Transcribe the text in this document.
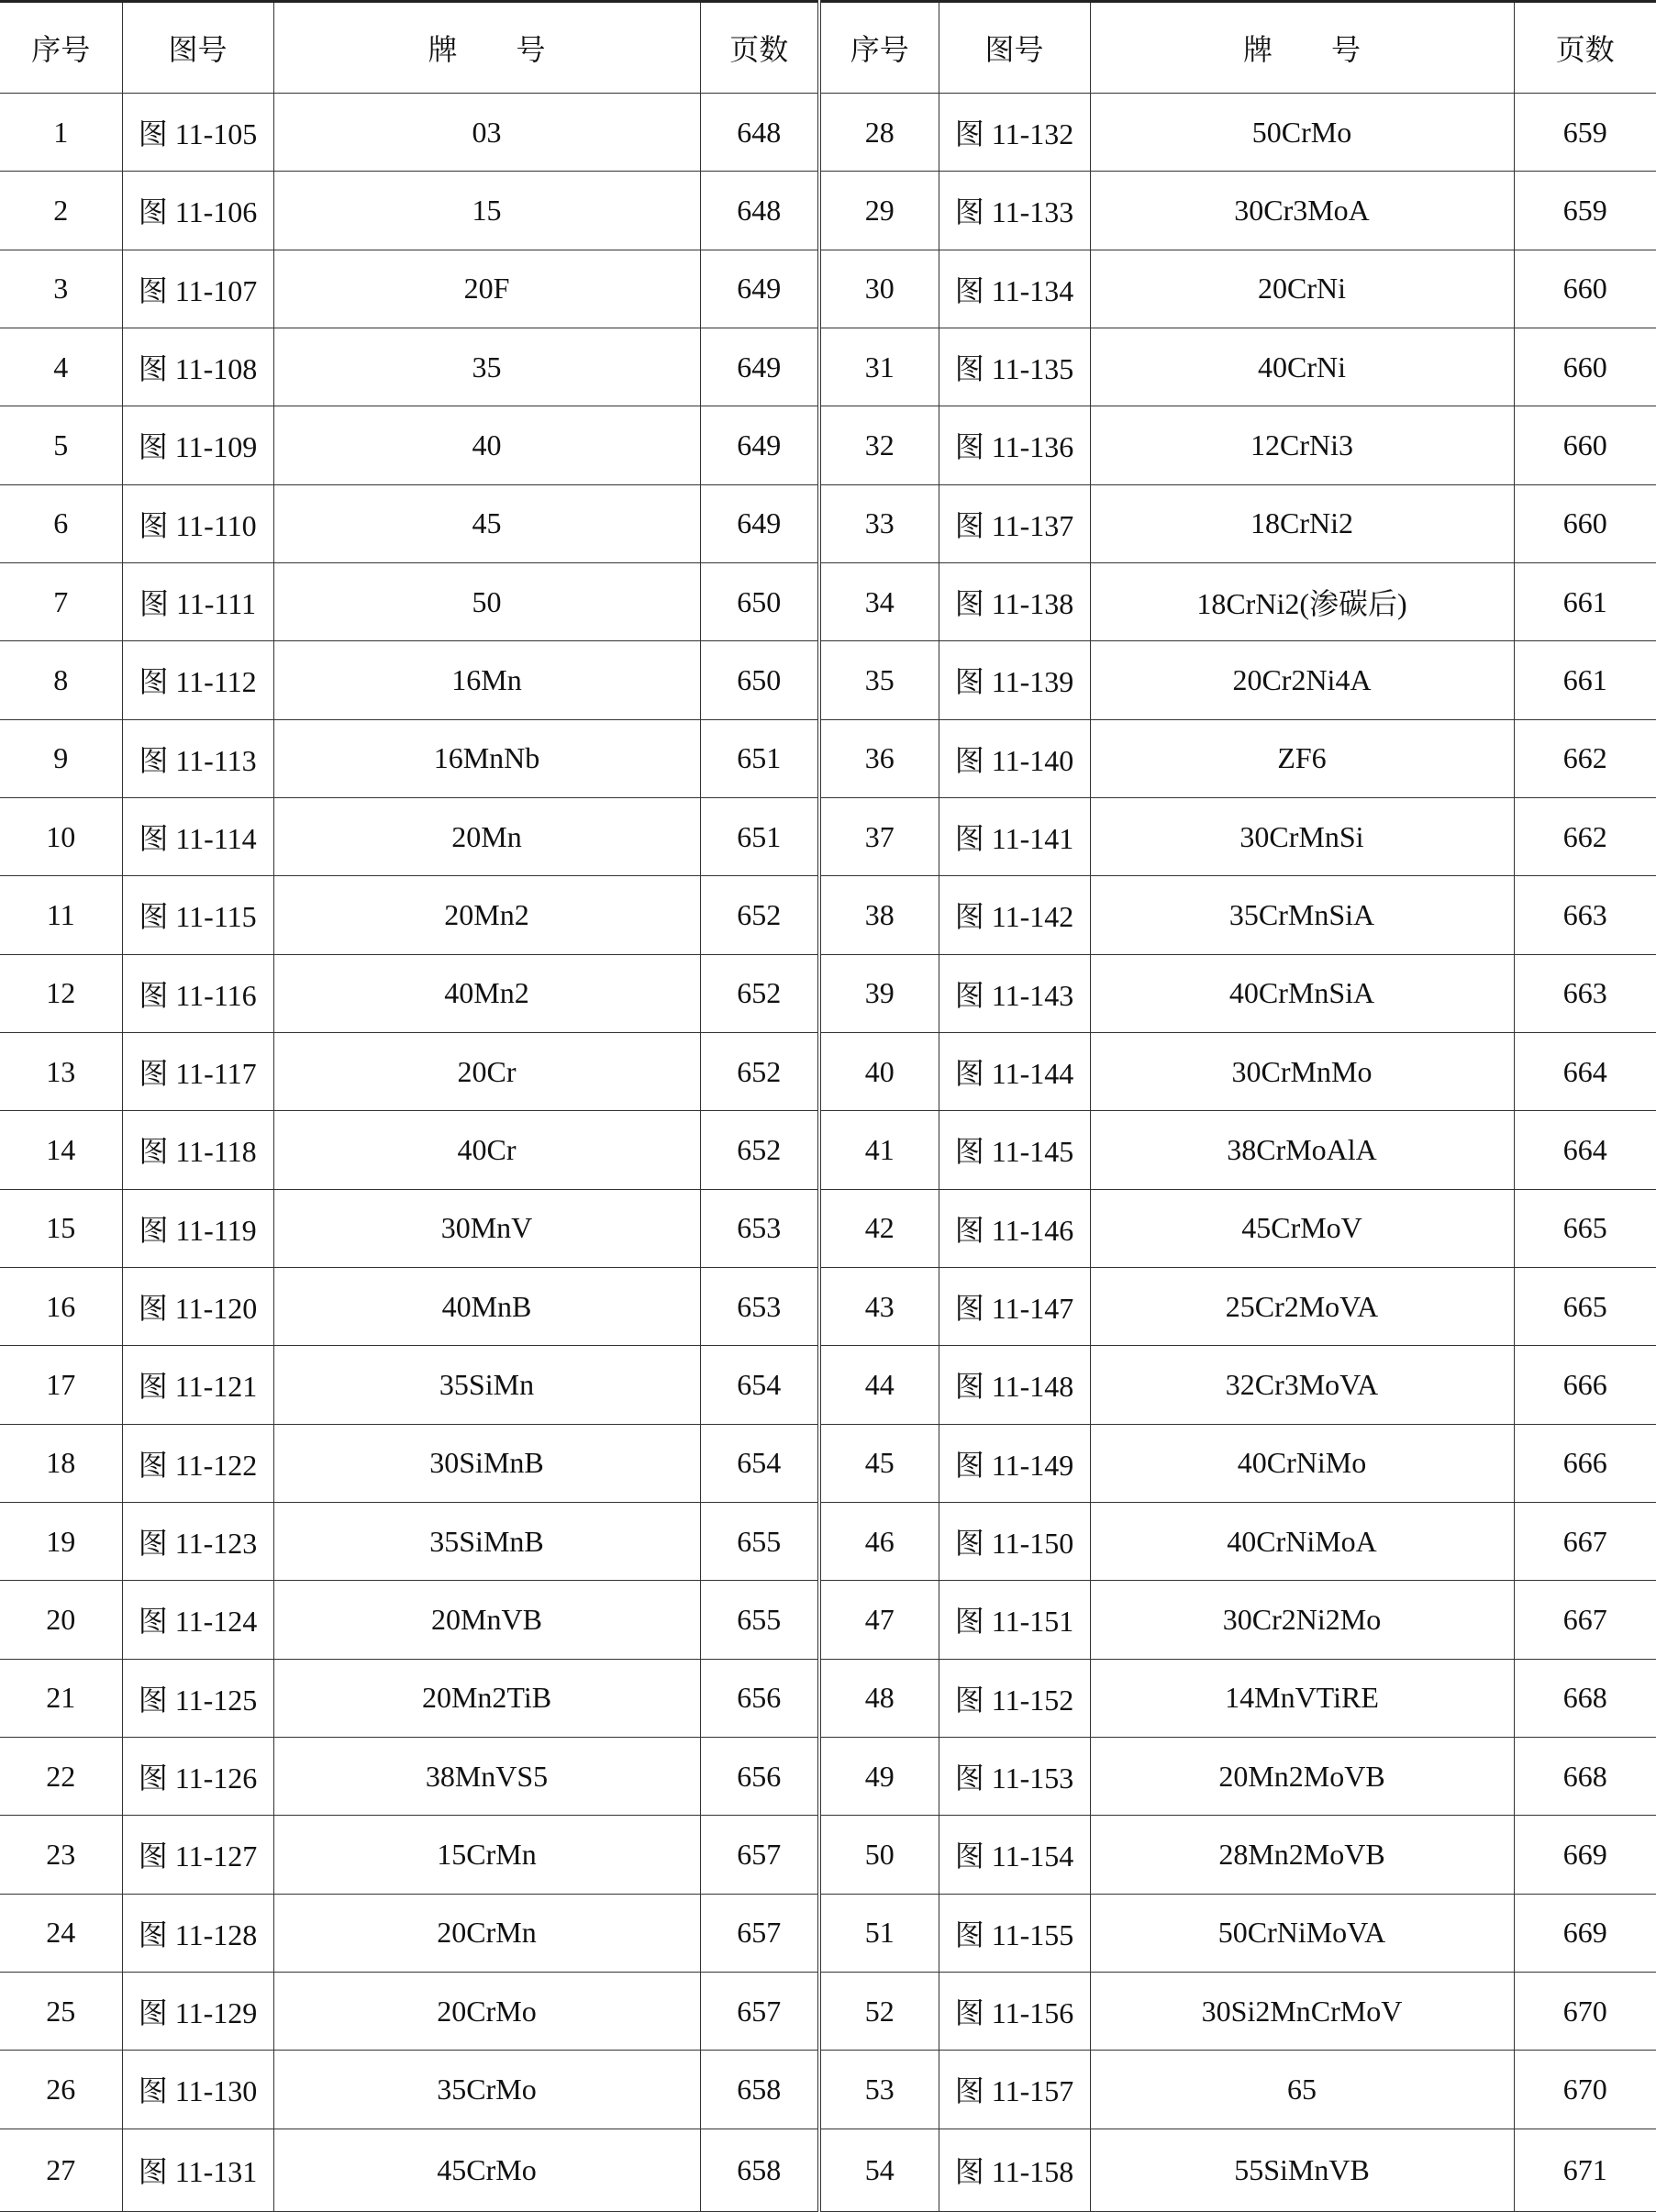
序号	图号	牌　　号	页数	序号	图号	牌　　号	页数
1	图 11-105	03	648	28	图 11-132	50CrMo	659
2	图 11-106	15	648	29	图 11-133	30Cr3MoA	659
3	图 11-107	20F	649	30	图 11-134	20CrNi	660
4	图 11-108	35	649	31	图 11-135	40CrNi	660
5	图 11-109	40	649	32	图 11-136	12CrNi3	660
6	图 11-110	45	649	33	图 11-137	18CrNi2	660
7	图 11-111	50	650	34	图 11-138	18CrNi2(渗碳后)	661
8	图 11-112	16Mn	650	35	图 11-139	20Cr2Ni4A	661
9	图 11-113	16MnNb	651	36	图 11-140	ZF6	662
10	图 11-114	20Mn	651	37	图 11-141	30CrMnSi	662
11	图 11-115	20Mn2	652	38	图 11-142	35CrMnSiA	663
12	图 11-116	40Mn2	652	39	图 11-143	40CrMnSiA	663
13	图 11-117	20Cr	652	40	图 11-144	30CrMnMo	664
14	图 11-118	40Cr	652	41	图 11-145	38CrMoAlA	664
15	图 11-119	30MnV	653	42	图 11-146	45CrMoV	665
16	图 11-120	40MnB	653	43	图 11-147	25Cr2MoVA	665
17	图 11-121	35SiMn	654	44	图 11-148	32Cr3MoVA	666
18	图 11-122	30SiMnB	654	45	图 11-149	40CrNiMo	666
19	图 11-123	35SiMnB	655	46	图 11-150	40CrNiMoA	667
20	图 11-124	20MnVB	655	47	图 11-151	30Cr2Ni2Mo	667
21	图 11-125	20Mn2TiB	656	48	图 11-152	14MnVTiRE	668
22	图 11-126	38MnVS5	656	49	图 11-153	20Mn2MoVB	668
23	图 11-127	15CrMn	657	50	图 11-154	28Mn2MoVB	669
24	图 11-128	20CrMn	657	51	图 11-155	50CrNiMoVA	669
25	图 11-129	20CrMo	657	52	图 11-156	30Si2MnCrMoV	670
26	图 11-130	35CrMo	658	53	图 11-157	65	670
27	图 11-131	45CrMo	658	54	图 11-158	55SiMnVB	671
